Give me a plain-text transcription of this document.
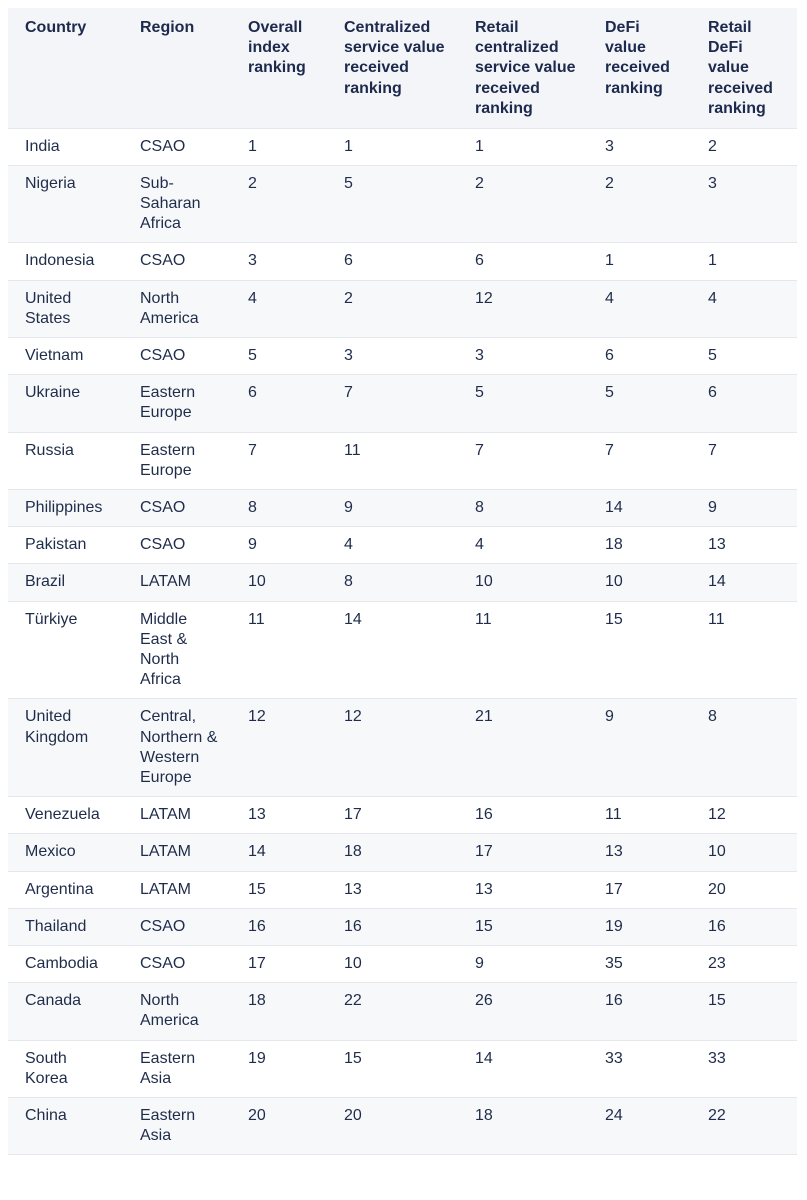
Country	Region	Overall index ranking	Centralized service value received ranking	Retail centralized service value received ranking	DeFi value received ranking	Retail DeFi value received ranking
India	CSAO	1	1	1	3	2
Nigeria	Sub-Saharan Africa	2	5	2	2	3
Indonesia	CSAO	3	6	6	1	1
United States	North America	4	2	12	4	4
Vietnam	CSAO	5	3	3	6	5
Ukraine	Eastern Europe	6	7	5	5	6
Russia	Eastern Europe	7	11	7	7	7
Philippines	CSAO	8	9	8	14	9
Pakistan	CSAO	9	4	4	18	13
Brazil	LATAM	10	8	10	10	14
Türkiye	Middle East & North Africa	11	14	11	15	11
United Kingdom	Central, Northern & Western Europe	12	12	21	9	8
Venezuela	LATAM	13	17	16	11	12
Mexico	LATAM	14	18	17	13	10
Argentina	LATAM	15	13	13	17	20
Thailand	CSAO	16	16	15	19	16
Cambodia	CSAO	17	10	9	35	23
Canada	North America	18	22	26	16	15
South Korea	Eastern Asia	19	15	14	33	33
China	Eastern Asia	20	20	18	24	22
